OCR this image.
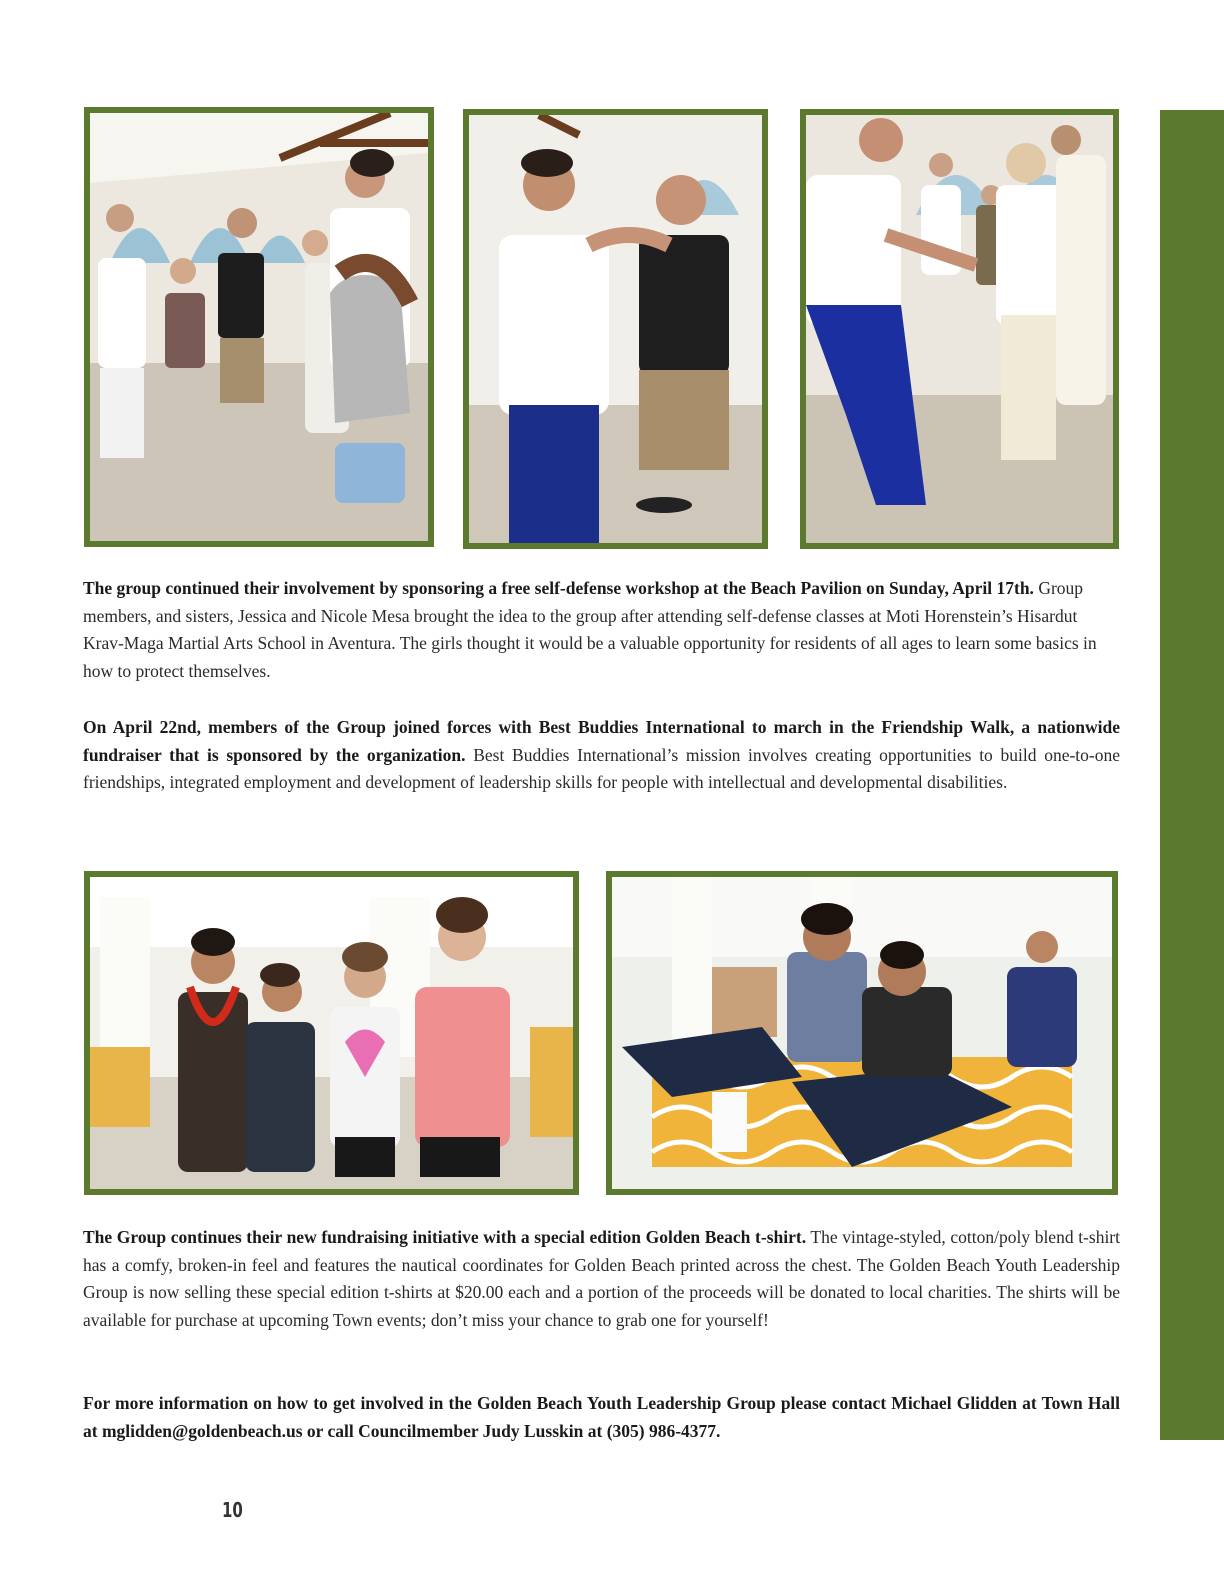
The group continued their involvement by sponsoring a free self-defense workshop at the Beach Pavilion on Sunday, April 17th. Group members, and sisters, Jessica and Nicole Mesa brought the idea to the group after attending self-defense classes at Moti Horenstein’s Hisardut Krav-Maga Martial Arts School in Aventura. The girls thought it would be a valuable opportunity for residents of all ages to learn some basics in how to protect themselves.

On April 22nd, members of the Group joined forces with Best Buddies International to march in the Friendship Walk, a nationwide fundraiser that is sponsored by the organization. Best Buddies International’s mission involves creating opportunities to build one-to-one friendships, integrated employment and development of leadership skills for people with intellectual and developmental disabilities.

The Group continues their new fundraising initiative with a special edition Golden Beach t-shirt. The vintage-styled, cotton/poly blend t-shirt has a comfy, broken-in feel and features the nautical coordinates for Golden Beach printed across the chest. The Golden Beach Youth Leadership Group is now selling these special edition t-shirts at $20.00 each and a portion of the proceeds will be donated to local charities. The shirts will be available for purchase at upcoming Town events; don’t miss your chance to grab one for yourself!

For more information on how to get involved in the Golden Beach Youth Leadership Group please contact Michael Glidden at Town Hall at mglidden@goldenbeach.us or call Councilmember Judy Lusskin at (305) 986-4377.

10
